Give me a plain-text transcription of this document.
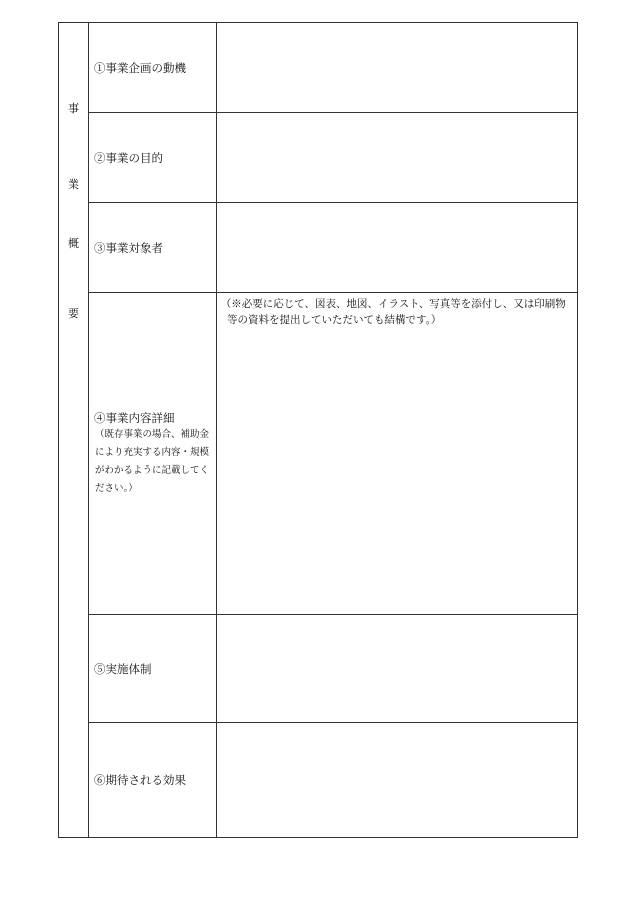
事
業
概
要	①事業企画の動機	

	②事業の目的	

	③事業対象者	

	④事業内容詳細
（既存事業の場合、補助金により充実する内容・規模がわかるように記載してください。）	（※必要に応じて、図表、地図、イラスト、写真等を添付し、又は印刷物等の資料を提出していただいても結構です。）

	⑤実施体制	

	⑥期待される効果	
